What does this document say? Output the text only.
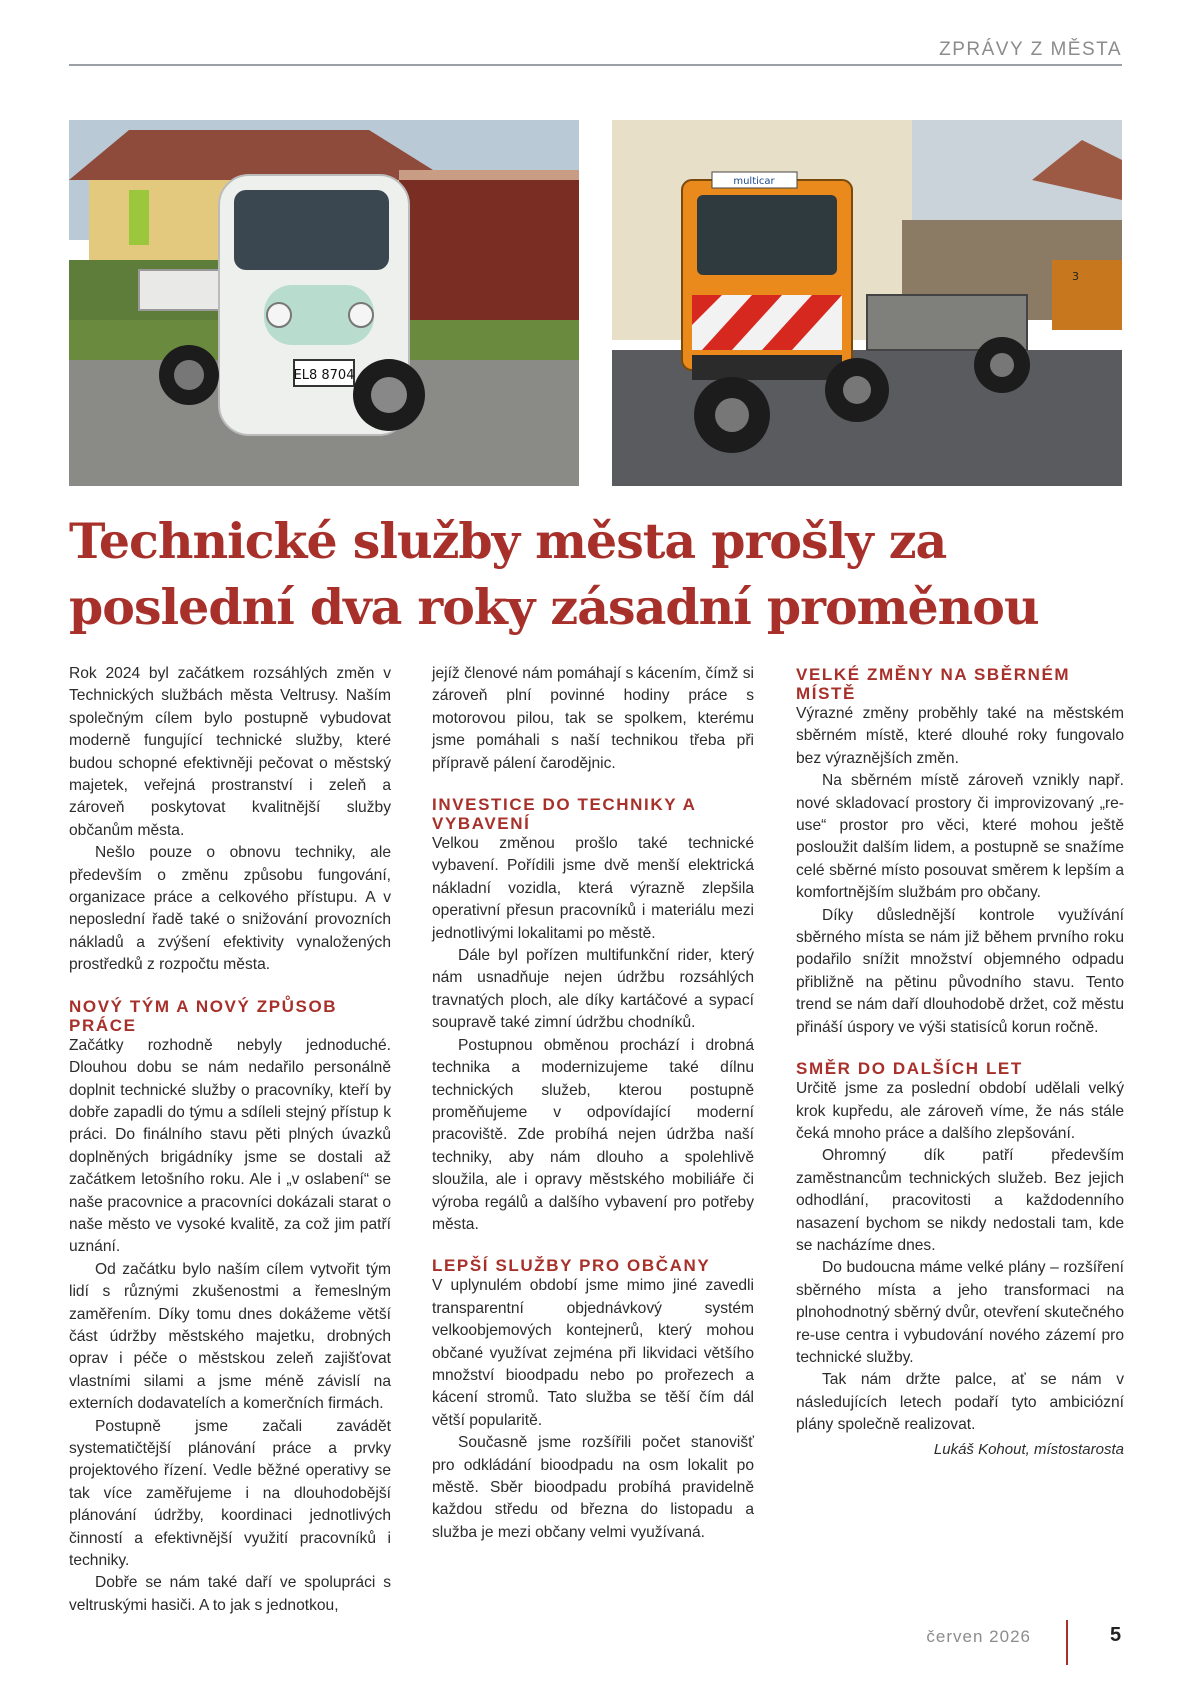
ZPRÁVY Z MĚSTA
EL8 8704
3
multicar
Technické služby města prošly za
poslední dva roky zásadní proměnou

Rok 2024 byl začátkem rozsáhlých změn v Technických službách města Veltrusy. Naším společným cílem bylo postupně vybudovat moderně fungující technické služby, které budou schopné efektivněji pečovat o městský majetek, veřejná prostranství i zeleň a zároveň poskytovat kvalitnější služby občanům města.

Nešlo pouze o obnovu techniky, ale především o změnu způsobu fungování, organizace práce a celkového přístupu. A v neposlední řadě také o snižování provozních nákladů a zvýšení efektivity vynaložených prostředků z rozpočtu města.

NOVÝ TÝM A NOVÝ ZPŮSOB PRÁCE

Začátky rozhodně nebyly jednoduché. Dlouhou dobu se nám nedařilo personálně doplnit technické služby o pracovníky, kteří by dobře zapadli do týmu a sdíleli stejný přístup k práci. Do finálního stavu pěti plných úvazků doplněných brigádníky jsme se dostali až začátkem letošního roku. Ale i „v oslabení“ se naše pracovnice a pracovníci dokázali starat o naše město ve vysoké kvalitě, za což jim patří uznání.

Od začátku bylo naším cílem vytvořit tým lidí s různými zkušenostmi a řemeslným zaměřením. Díky tomu dnes dokážeme větší část údržby městského majetku, drobných oprav i péče o městskou zeleň zajišťovat vlastními silami a jsme méně závislí na externích dodavatelích a komerčních firmách.

Postupně jsme začali zavádět systematičtější plánování práce a prvky projektového řízení. Vedle běžné operativy se tak více zaměřujeme i na dlouhodobější plánování údržby, koordinaci jednotlivých činností a efektivnější využití pracovníků i techniky.

Dobře se nám také daří ve spolupráci s veltruskými hasiči. A to jak s jednotkou,

jejíž členové nám pomáhají s kácením, čímž si zároveň plní povinné hodiny práce s motorovou pilou, tak se spolkem, kterému jsme pomáhali s naší technikou třeba při přípravě pálení čarodějnic.

INVESTICE DO TECHNIKY A VYBAVENÍ

Velkou změnou prošlo také technické vybavení. Pořídili jsme dvě menší elektrická nákladní vozidla, která výrazně zlepšila operativní přesun pracovníků i materiálu mezi jednotlivými lokalitami po městě.

Dále byl pořízen multifunkční rider, který nám usnadňuje nejen údržbu rozsáhlých travnatých ploch, ale díky kartáčové a sypací soupravě také zimní údržbu chodníků.

Postupnou obměnou prochází i drobná technika a modernizujeme také dílnu technických služeb, kterou postupně proměňujeme v odpovídající moderní pracoviště. Zde probíhá nejen údržba naší techniky, aby nám dlouho a spolehlivě sloužila, ale i opravy městského mobiliáře či výroba regálů a dalšího vybavení pro potřeby města.

LEPŠÍ SLUŽBY PRO OBČANY

V uplynulém období jsme mimo jiné zavedli transparentní objednávkový systém velkoobjemových kontejnerů, který mohou občané využívat zejména při likvidaci většího množství bioodpadu nebo po prořezech a kácení stromů. Tato služba se těší čím dál větší popularitě.

Současně jsme rozšířili počet stanovišť pro odkládání bioodpadu na osm lokalit po městě. Sběr bioodpadu probíhá pravidelně každou středu od března do listopadu a služba je mezi občany velmi využívaná.

VELKÉ ZMĚNY NA SBĚRNÉM MÍSTĚ

Výrazné změny proběhly také na městském sběrném místě, které dlouhé roky fungovalo bez výraznějších změn.

Na sběrném místě zároveň vznikly např. nové skladovací prostory či improvizovaný „re-use“ prostor pro věci, které mohou ještě posloužit dalším lidem, a postupně se snažíme celé sběrné místo posouvat směrem k lepším a komfortnějším službám pro občany.

Díky důslednější kontrole využívání sběrného místa se nám již během prvního roku podařilo snížit množství objemného odpadu přibližně na pětinu původního stavu. Tento trend se nám daří dlouhodobě držet, což městu přináší úspory ve výši statisíců korun ročně.

SMĚR DO DALŠÍCH LET

Určitě jsme za poslední období udělali velký krok kupředu, ale zároveň víme, že nás stále čeká mnoho práce a dalšího zlepšování.

Ohromný dík patří především zaměstnancům technických služeb. Bez jejich odhodlání, pracovitosti a každodenního nasazení bychom se nikdy nedostali tam, kde se nacházíme dnes.

Do budoucna máme velké plány – rozšíření sběrného místa a jeho transformaci na plnohodnotný sběrný dvůr, otevření skutečného re-use centra i vybudování nového zázemí pro technické služby.

Tak nám držte palce, ať se nám v následujících letech podaří tyto ambiciózní plány společně realizovat.

Lukáš Kohout, místostarosta
červen 2026	5
